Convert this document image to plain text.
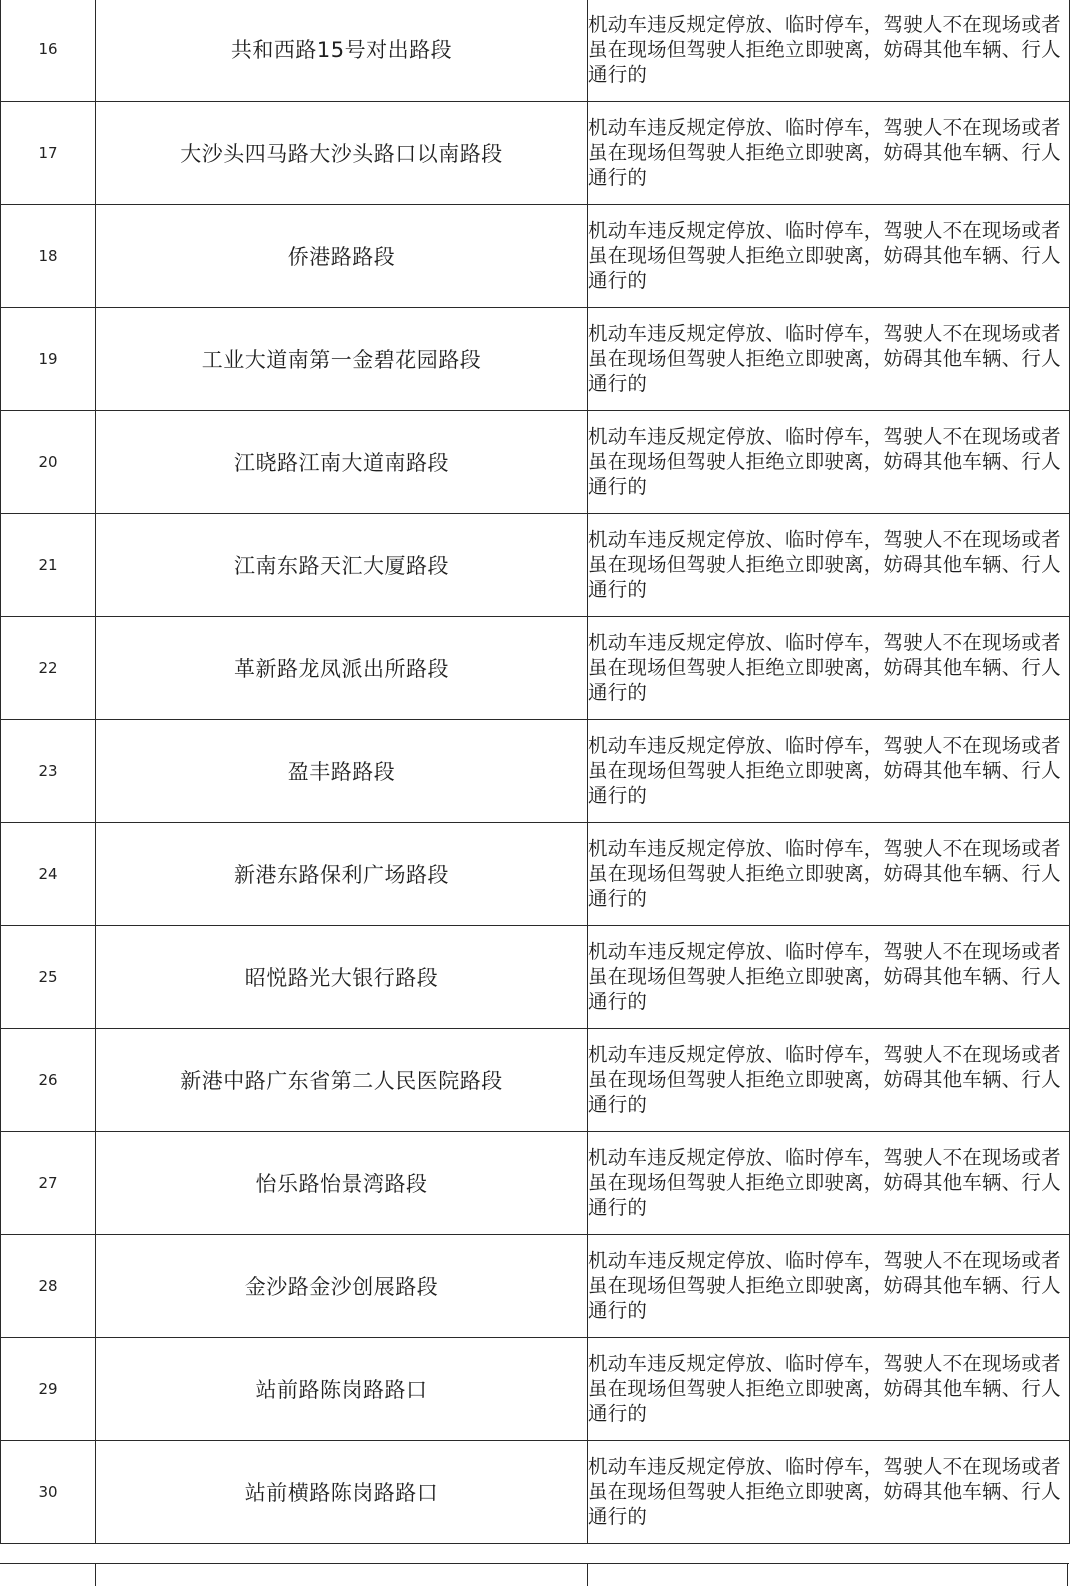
16	共和西路15号对出路段	机动车违反规定停放、临时停车，驾驶人不在现场或者虽在现场但驾驶人拒绝立即驶离，妨碍其他车辆、行人通行的
17	大沙头四马路大沙头路口以南路段	机动车违反规定停放、临时停车，驾驶人不在现场或者虽在现场但驾驶人拒绝立即驶离，妨碍其他车辆、行人通行的
18	侨港路路段	机动车违反规定停放、临时停车，驾驶人不在现场或者虽在现场但驾驶人拒绝立即驶离，妨碍其他车辆、行人通行的
19	工业大道南第一金碧花园路段	机动车违反规定停放、临时停车，驾驶人不在现场或者虽在现场但驾驶人拒绝立即驶离，妨碍其他车辆、行人通行的
20	江晓路江南大道南路段	机动车违反规定停放、临时停车，驾驶人不在现场或者虽在现场但驾驶人拒绝立即驶离，妨碍其他车辆、行人通行的
21	江南东路天汇大厦路段	机动车违反规定停放、临时停车，驾驶人不在现场或者虽在现场但驾驶人拒绝立即驶离，妨碍其他车辆、行人通行的
22	革新路龙凤派出所路段	机动车违反规定停放、临时停车，驾驶人不在现场或者虽在现场但驾驶人拒绝立即驶离，妨碍其他车辆、行人通行的
23	盈丰路路段	机动车违反规定停放、临时停车，驾驶人不在现场或者虽在现场但驾驶人拒绝立即驶离，妨碍其他车辆、行人通行的
24	新港东路保利广场路段	机动车违反规定停放、临时停车，驾驶人不在现场或者虽在现场但驾驶人拒绝立即驶离，妨碍其他车辆、行人通行的
25	昭悦路光大银行路段	机动车违反规定停放、临时停车，驾驶人不在现场或者虽在现场但驾驶人拒绝立即驶离，妨碍其他车辆、行人通行的
26	新港中路广东省第二人民医院路段	机动车违反规定停放、临时停车，驾驶人不在现场或者虽在现场但驾驶人拒绝立即驶离，妨碍其他车辆、行人通行的
27	怡乐路怡景湾路段	机动车违反规定停放、临时停车，驾驶人不在现场或者虽在现场但驾驶人拒绝立即驶离，妨碍其他车辆、行人通行的
28	金沙路金沙创展路段	机动车违反规定停放、临时停车，驾驶人不在现场或者虽在现场但驾驶人拒绝立即驶离，妨碍其他车辆、行人通行的
29	站前路陈岗路路口	机动车违反规定停放、临时停车，驾驶人不在现场或者虽在现场但驾驶人拒绝立即驶离，妨碍其他车辆、行人通行的
30	站前横路陈岗路路口	机动车违反规定停放、临时停车，驾驶人不在现场或者虽在现场但驾驶人拒绝立即驶离，妨碍其他车辆、行人通行的
